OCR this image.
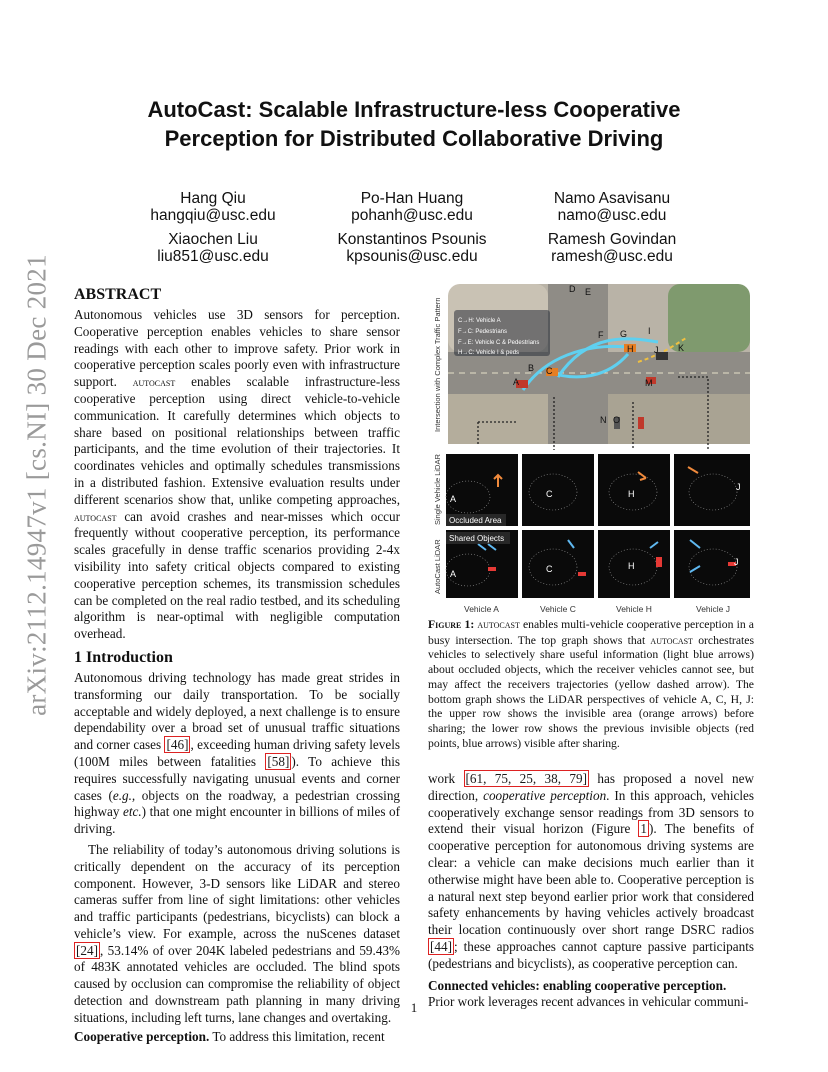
AutoCast: Scalable Infrastructure-less Cooperative
Perception for Distributed Collaborative Driving
Hang Qiu
hangqiu@usc.edu
Po-Han Huang
pohanh@usc.edu
Namo Asavisanu
namo@usc.edu
Xiaochen Liu
liu851@usc.edu
Konstantinos Psounis
kpsounis@usc.edu
Ramesh Govindan
ramesh@usc.edu
arXiv:2112.14947v1 [cs.NI] 30 Dec 2021 ABSTRACT

Autonomous vehicles use 3D sensors for perception. Cooperative perception enables vehicles to share sensor readings with each other to improve safety. Prior work in cooperative perception scales poorly even with infrastructure support. autocast enables scalable infrastructure-less cooperative perception using direct vehicle-to-vehicle communication. It carefully determines which objects to share based on positional relationships between traffic participants, and the time evolution of their trajectories. It coordinates vehicles and optimally schedules transmissions in a distributed fashion. Extensive evaluation results under different scenarios show that, unlike competing approaches, autocast can avoid crashes and near-misses which occur frequently without cooperative perception, its performance scales gracefully in dense traffic scenarios providing 2-4x visibility into safety critical objects compared to existing cooperative perception schemes, its transmission schedules can be completed on the real radio testbed, and its scheduling algorithm is near-optimal with negligible computation overhead.

1 Introduction

Autonomous driving technology has made great strides in transforming our daily transportation. To be socially acceptable and widely deployed, a next challenge is to ensure dependability over a broad set of unusual traffic situations and corner cases [46] , exceeding human driving safety levels (100M miles between fatalities [58] ). To achieve this requires successfully navigating unusual events and corner cases (e.g., objects on the roadway, a pedestrian crossing highway etc.) that one might encounter in billions of miles of driving.

The reliability of today’s autonomous driving solutions is critically dependent on the accuracy of its perception component. However, 3-D sensors like LiDAR and stereo cameras suffer from line of sight limitations: other vehicles and traffic participants (pedestrians, bicyclists) can block a vehicle’s view. For example, across the nuScenes dataset [24] , 53.14% of over 204K labeled pedestrians and 59.43% of 483K annotated vehicles are occluded. The blind spots caused by occlusion can compromise the reliability of object detection and downstream path planning in many driving situations, including left turns, lane changes and overtaking.

Cooperative perception. To address this limitation, recent

Intersection with Complex Traffic Pattern
Single Vehicle LiDAR
AutoCast LiDAR
C→H: Vehicle A
F→C: Pedestrians
F→E: Vehicle C & Pedestrians
H→C: Vehicle I & peds
D E
F G I
K
H J
B C
A	M
N O
Occluded Area
Shared Objects
A	C	H
J
A	C	H	J
Vehicle A	Vehicle C	Vehicle H	Vehicle J
Figure 1: autocast enables multi-vehicle cooperative perception in a busy intersection. The top graph shows that autocast orchestrates vehicles to selectively share useful information (light blue arrows) about occluded objects, which the receiver vehicles cannot see, but may affect the receivers trajectories (yellow dashed arrow). The bottom graph shows the LiDAR perspectives of vehicle A, C, H, J: the upper row shows the invisible area (orange arrows) before sharing; the lower row shows the previous invisible objects (red points, blue arrows) visible after sharing.

work [61, 75, 25, 38, 79] has proposed a novel new direction, cooperative perception. In this approach, vehicles cooperatively exchange sensor readings from 3D sensors to extend their visual horizon (Figure 1 ). The benefits of cooperative perception for autonomous driving systems are clear: a vehicle can make decisions much earlier than it otherwise might have been able to. Cooperative perception is a natural next step beyond earlier prior work that considered safety enhancements by having vehicles actively broadcast their location continuously over short range DSRC radios [44] ; these approaches cannot capture passive participants (pedestrians and bicyclists), as cooperative perception can.

Connected vehicles: enabling cooperative perception.
Prior work leverages recent advances in vehicular communi-

1
